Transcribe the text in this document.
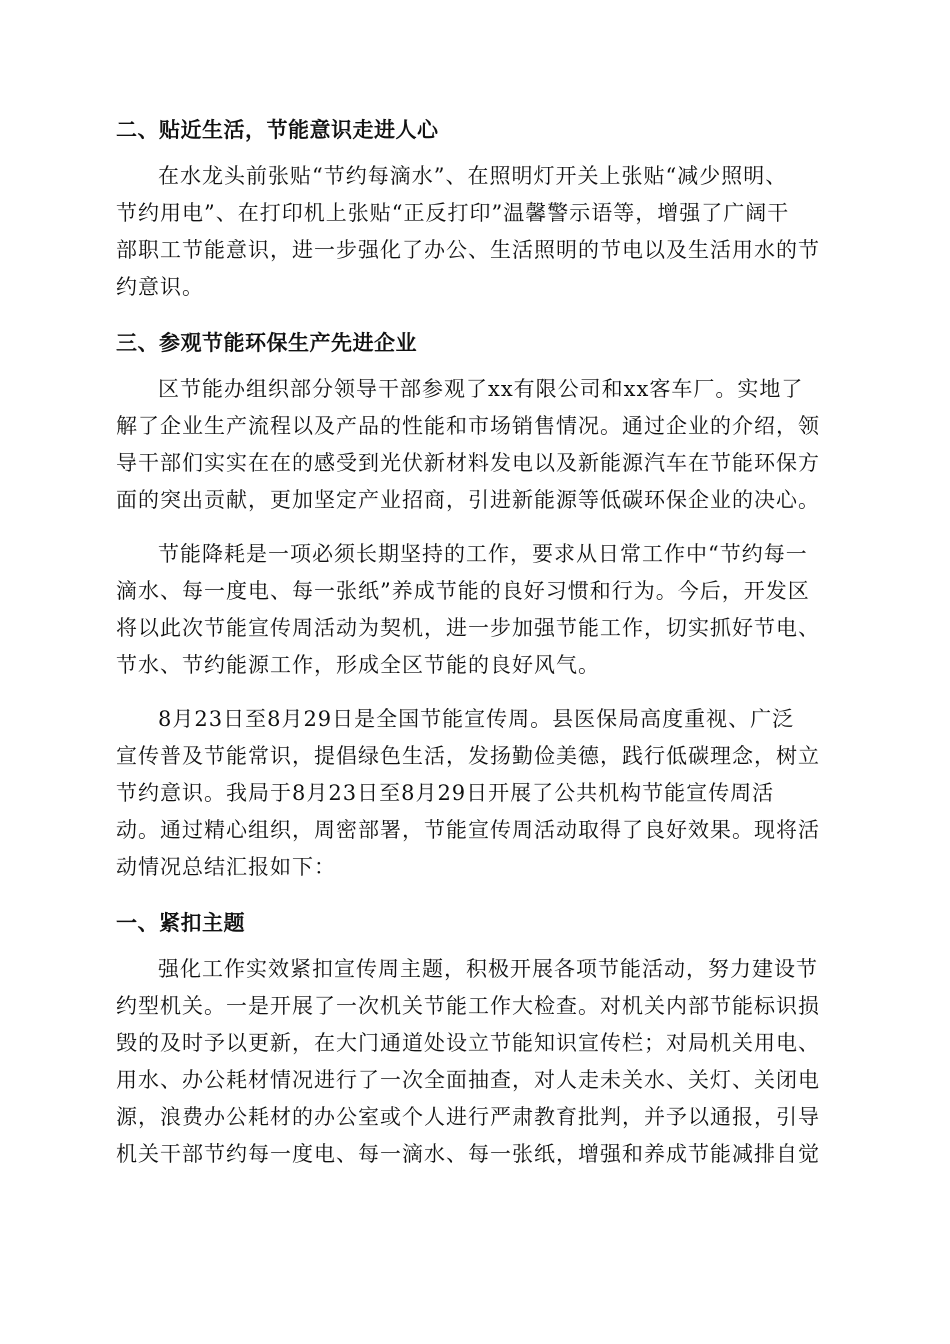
二、贴近生活，节能意识走进人心
在水龙头前张贴“节约每滴水”、在照明灯开关上张贴“减少照明、
节约用电”、在打印机上张贴“正反打印”温馨警示语等，增强了广阔干
部职工节能意识，进一步强化了办公、生活照明的节电以及生活用水的节
约意识。
三、参观节能环保生产先进企业
区节能办组织部分领导干部参观了xx有限公司和xx客车厂。实地了
解了企业生产流程以及产品的性能和市场销售情况。通过企业的介绍，领
导干部们实实在在的感受到光伏新材料发电以及新能源汽车在节能环保方
面的突出贡献，更加坚定产业招商，引进新能源等低碳环保企业的决心。
节能降耗是一项必须长期坚持的工作，要求从日常工作中“节约每一
滴水、每一度电、每一张纸”养成节能的良好习惯和行为。今后，开发区
将以此次节能宣传周活动为契机，进一步加强节能工作，切实抓好节电、
节水、节约能源工作，形成全区节能的良好风气。
8月23日至8月29日是全国节能宣传周。县医保局高度重视、广泛
宣传普及节能常识，提倡绿色生活，发扬勤俭美德，践行低碳理念，树立
节约意识。我局于8月23日至8月29日开展了公共机构节能宣传周活
动。通过精心组织，周密部署，节能宣传周活动取得了良好效果。现将活
动情况总结汇报如下：
一、紧扣主题
强化工作实效紧扣宣传周主题，积极开展各项节能活动，努力建设节
约型机关。一是开展了一次机关节能工作大检查。对机关内部节能标识损
毁的及时予以更新，在大门通道处设立节能知识宣传栏；对局机关用电、
用水、办公耗材情况进行了一次全面抽查，对人走未关水、关灯、关闭电
源，浪费办公耗材的办公室或个人进行严肃教育批判，并予以通报，引导
机关干部节约每一度电、每一滴水、每一张纸，增强和养成节能减排自觉
